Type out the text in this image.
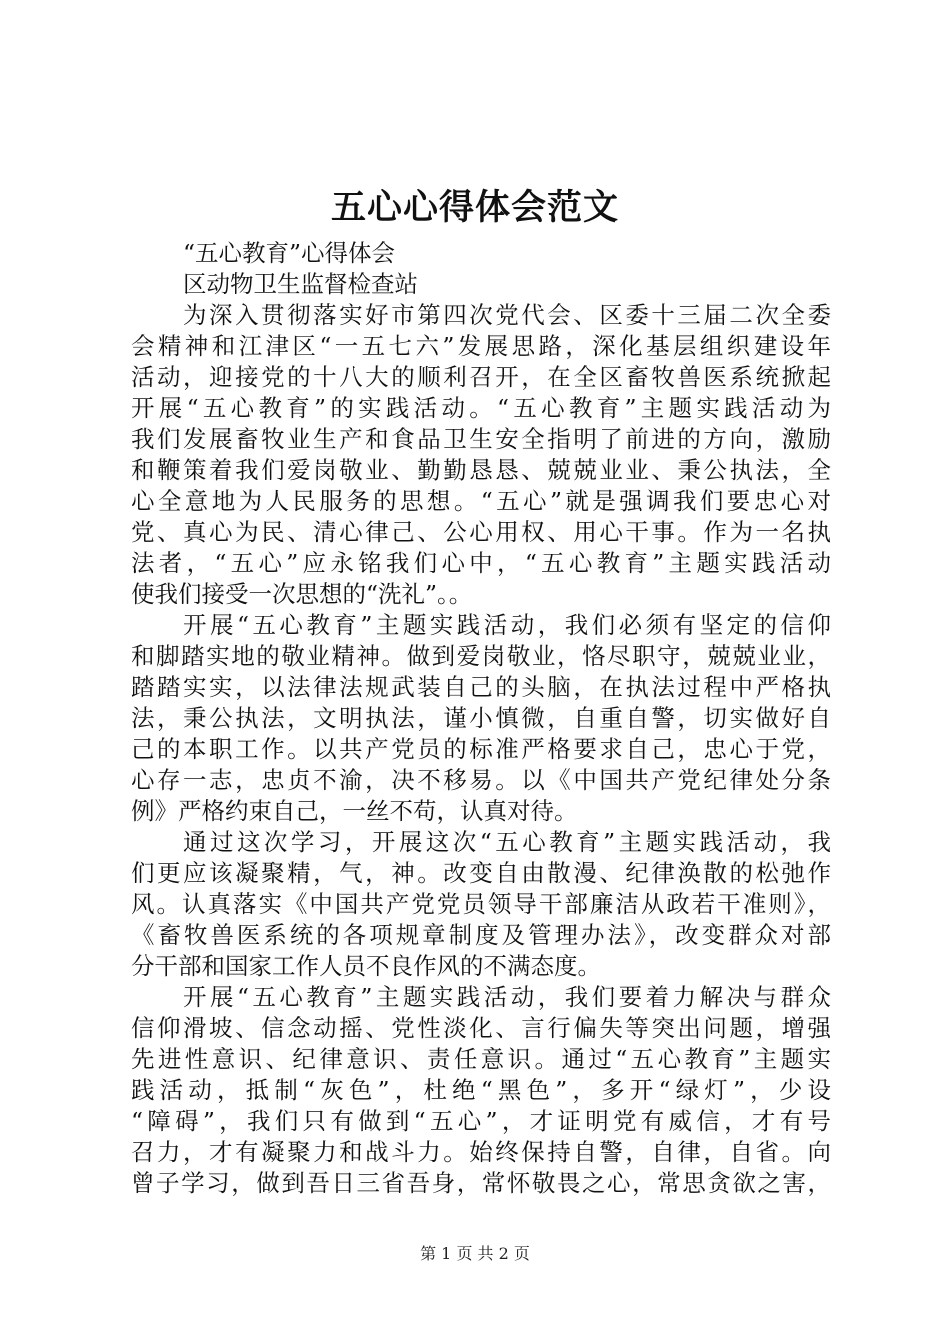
五心心得体会范文
“五心教育”心得体会
区动物卫生监督检查站
为深入贯彻落实好市第四次党代会、区委十三届二次全委
会精神和江津区“一五七六”发展思路，深化基层组织建设年
活动，迎接党的十八大的顺利召开，在全区畜牧兽医系统掀起
开展“五心教育”的实践活动。“五心教育”主题实践活动为
我们发展畜牧业生产和食品卫生安全指明了前进的方向，激励
和鞭策着我们爱岗敬业、勤勤恳恳、兢兢业业、秉公执法，全
心全意地为人民服务的思想。“五心”就是强调我们要忠心对
党、真心为民、清心律己、公心用权、用心干事。作为一名执
法者，“五心”应永铭我们心中，“五心教育”主题实践活动
使我们接受一次思想的“洗礼”。。
开展“五心教育”主题实践活动，我们必须有坚定的信仰
和脚踏实地的敬业精神。做到爱岗敬业，恪尽职守，兢兢业业，
踏踏实实，以法律法规武装自己的头脑，在执法过程中严格执
法，秉公执法，文明执法，谨小慎微，自重自警，切实做好自
己的本职工作。以共产党员的标准严格要求自己，忠心于党，
心存一志，忠贞不渝，决不移易。以《中国共产党纪律处分条
例》严格约束自己，一丝不苟，认真对待。
通过这次学习，开展这次“五心教育”主题实践活动，我
们更应该凝聚精，气，神。改变自由散漫、纪律涣散的松弛作
风。认真落实《中国共产党党员领导干部廉洁从政若干准则》，
《畜牧兽医系统的各项规章制度及管理办法》，改变群众对部
分干部和国家工作人员不良作风的不满态度。
开展“五心教育”主题实践活动，我们要着力解决与群众
信仰滑坡、信念动摇、党性淡化、言行偏失等突出问题，增强
先进性意识、纪律意识、责任意识。通过“五心教育”主题实
践活动，抵制“灰色”，杜绝“黑色”，多开“绿灯”，少设
“障碍”，我们只有做到“五心”，才证明党有威信，才有号
召力，才有凝聚力和战斗力。始终保持自警，自律，自省。向
曾子学习，做到吾日三省吾身，常怀敬畏之心，常思贪欲之害，
第 1 页 共 2 页
